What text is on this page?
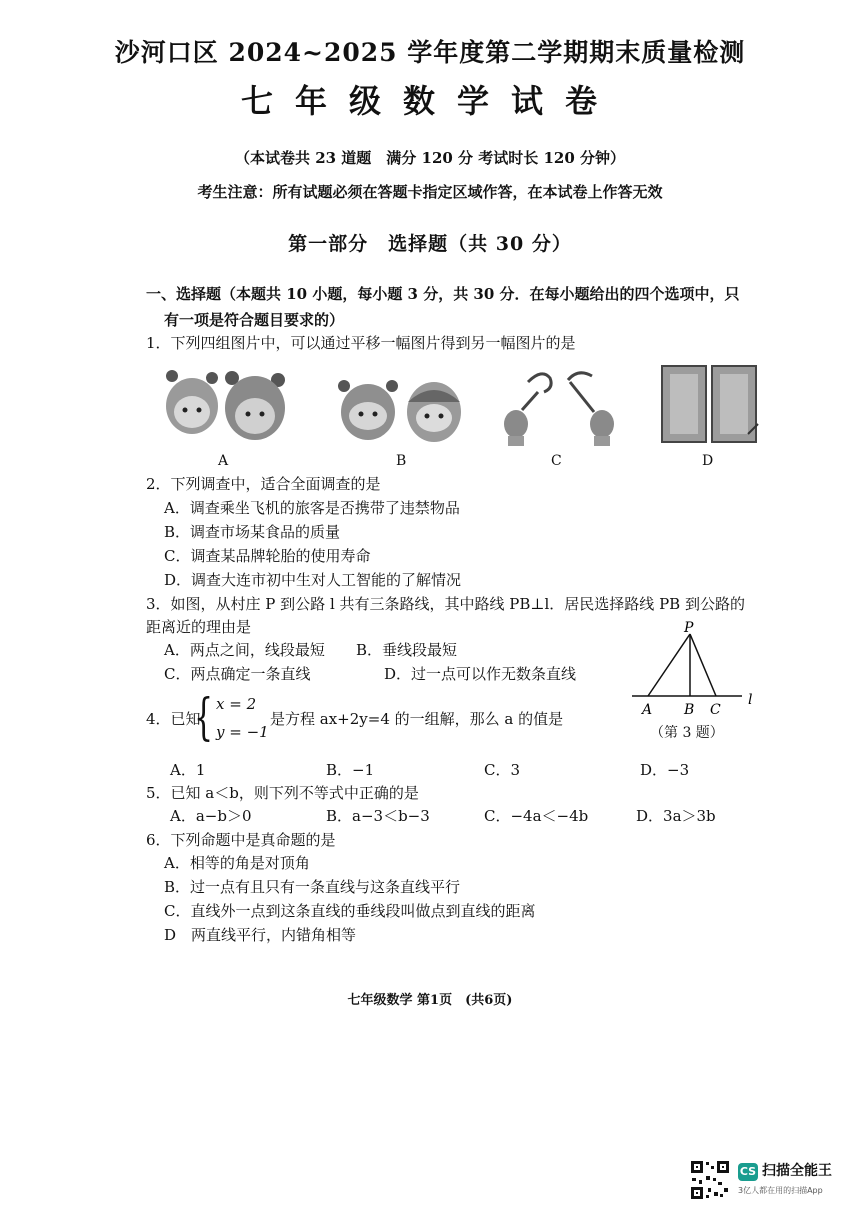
沙河口区 2024~2025 学年度第二学期期末质量检测
七年级数学试卷
（本试卷共 23 道题　满分 120 分 考试时长 120 分钟）
考生注意：所有试题必须在答题卡指定区域作答，在本试卷上作答无效
第一部分　选择题（共 30 分）
一、选择题（本题共 10 小题，每小题 3 分，共 30 分．在每小题给出的四个选项中，只
有一项是符合题目要求的）
1．下列四组图片中，可以通过平移一幅图片得到另一幅图片的是
A	B	C	D
2．下列调查中，适合全面调查的是
A．调查乘坐飞机的旅客是否携带了违禁物品
B．调查市场某食品的质量
C．调查某品牌轮胎的使用寿命
D．调查大连市初中生对人工智能的了解情况
3．如图，从村庄 P 到公路 l 共有三条路线，其中路线 PB⊥l．居民选择路线 PB 到公路的
距离近的理由是
A．两点之间，线段最短 B．垂线段最短
C．两点确定一条直线	D．过一点可以作无数条直线
P
A B C
l
（第 3 题）
4．已知
{ x = 2
y = −1
是方程 ax+2y=4 的一组解，那么 a 的值是
A．1	B．−1	C．3	D．−3
5．已知 a＜b，则下列不等式中正确的是
A．a−b＞0	B．a−3＜b−3	C．−4a＜−4b	D．3a＞3b
6．下列命题中是真命题的是
A．相等的角是对顶角
B．过一点有且只有一条直线与这条直线平行
C．直线外一点到这条直线的垂线段叫做点到直线的距离
D　两直线平行，内错角相等
七年级数学 第1页　(共6页)
CS 扫描全能王
3亿人都在用的扫描App
